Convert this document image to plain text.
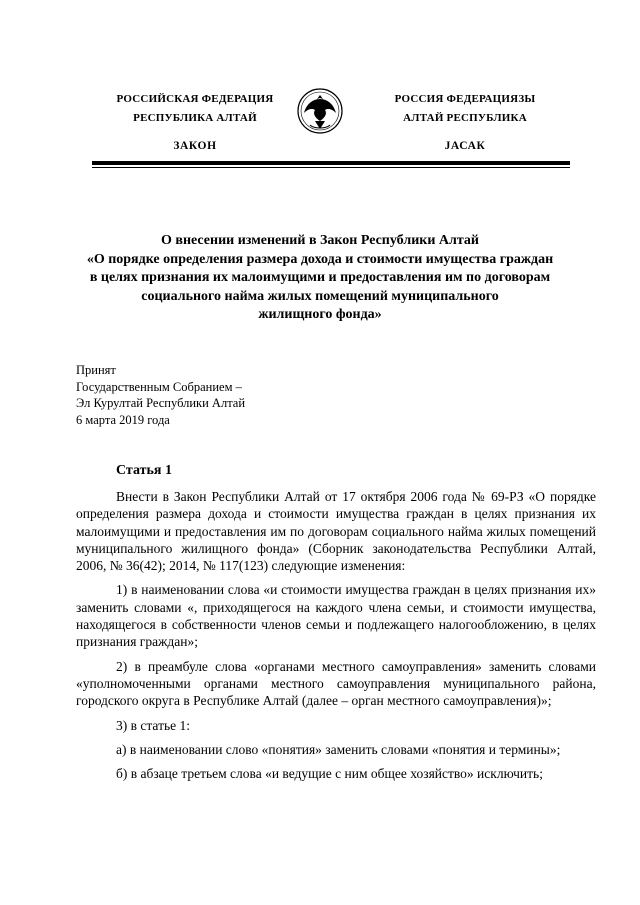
РОССИЙСКАЯ ФЕДЕРАЦИЯ
РЕСПУБЛИКА АЛТАЙ
ЗАКОН
РОССИЯ ФЕДЕРАЦИЯЗЫ
АЛТАЙ РЕСПУБЛИКА
JАСАК
О внесении изменений в Закон Республики Алтай
«О порядке определения размера дохода и стоимости имущества граждан
в целях признания их малоимущими и предоставления им по договорам
социального найма жилых помещений муниципального
жилищного фонда»
Принят
Государственным Собранием –
Эл Курултай Республики Алтай
6 марта 2019 года
Статья 1

Внести в Закон Республики Алтай от 17 октября 2006 года № 69-РЗ «О порядке определения размера дохода и стоимости имущества граждан в целях признания их малоимущими и предоставления им по договорам социального найма жилых помещений муниципального жилищного фонда» (Сборник законодательства Республики Алтай, 2006, № 36(42); 2014, № 117(123) следующие изменения:

1) в наименовании слова «и стоимости имущества граждан в целях признания их» заменить словами «, приходящегося на каждого члена семьи, и стоимости имущества, находящегося в собственности членов семьи и подлежащего налогообложению, в целях признания граждан»;

2) в преамбуле слова «органами местного самоуправления» заменить словами «уполномоченными органами местного самоуправления муниципального района, городского округа в Республике Алтай (далее – орган местного самоуправления)»;

3) в статье 1:

а) в наименовании слово «понятия» заменить словами «понятия и термины»;

б) в абзаце третьем слова «и ведущие с ним общее хозяйство» исключить;
